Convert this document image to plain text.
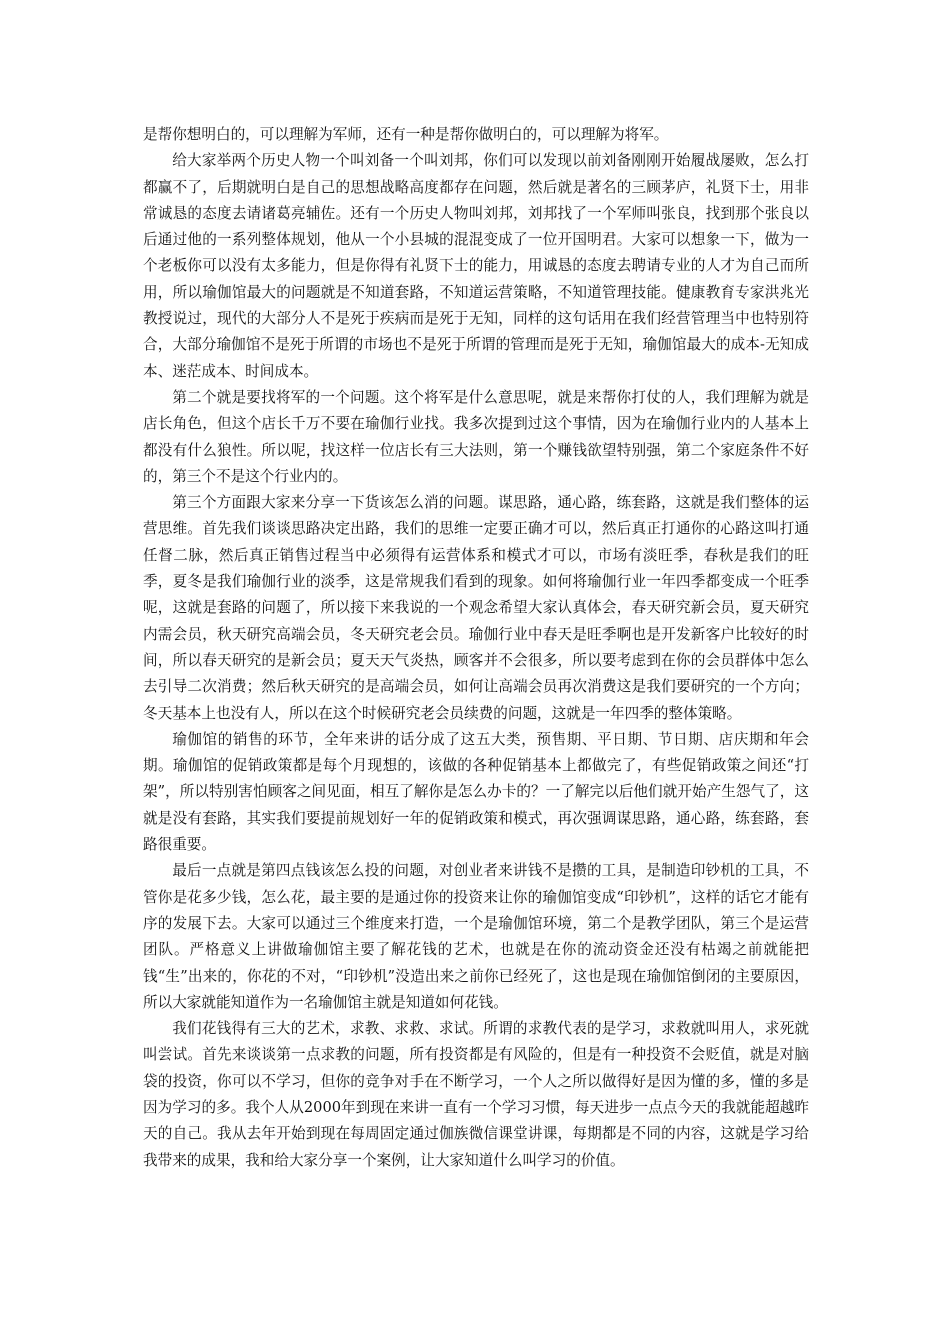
是帮你想明白的，可以理解为军师，还有一种是帮你做明白的，可以理解为将军。

给大家举两个历史人物一个叫刘备一个叫刘邦，你们可以发现以前刘备刚刚开始履战屡败，怎么打都赢不了，后期就明白是自己的思想战略高度都存在问题，然后就是著名的三顾茅庐，礼贤下士，用非常诚恳的态度去请诸葛亮辅佐。还有一个历史人物叫刘邦，刘邦找了一个军师叫张良，找到那个张良以后通过他的一系列整体规划，他从一个小县城的混混变成了一位开国明君。大家可以想象一下，做为一个老板你可以没有太多能力，但是你得有礼贤下士的能力，用诚恳的态度去聘请专业的人才为自己而所用，所以瑜伽馆最大的问题就是不知道套路，不知道运营策略，不知道管理技能。健康教育专家洪兆光教授说过，现代的大部分人不是死于疾病而是死于无知，同样的这句话用在我们经营管理当中也特别符合，大部分瑜伽馆不是死于所谓的市场也不是死于所谓的管理而是死于无知，瑜伽馆最大的成本-无知成本、迷茫成本、时间成本。

第二个就是要找将军的一个问题。这个将军是什么意思呢，就是来帮你打仗的人，我们理解为就是店长角色，但这个店长千万不要在瑜伽行业找。我多次提到过这个事情，因为在瑜伽行业内的人基本上都没有什么狼性。所以呢，找这样一位店长有三大法则，第一个赚钱欲望特别强，第二个家庭条件不好的，第三个不是这个行业内的。

第三个方面跟大家来分享一下货该怎么消的问题。谋思路，通心路，练套路，这就是我们整体的运营思维。首先我们谈谈思路决定出路，我们的思维一定要正确才可以，然后真正打通你的心路这叫打通任督二脉，然后真正销售过程当中必须得有运营体系和模式才可以，市场有淡旺季，春秋是我们的旺季，夏冬是我们瑜伽行业的淡季，这是常规我们看到的现象。如何将瑜伽行业一年四季都变成一个旺季呢，这就是套路的问题了，所以接下来我说的一个观念希望大家认真体会，春天研究新会员，夏天研究内需会员，秋天研究高端会员，冬天研究老会员。瑜伽行业中春天是旺季啊也是开发新客户比较好的时间，所以春天研究的是新会员；夏天天气炎热，顾客并不会很多，所以要考虑到在你的会员群体中怎么去引导二次消费；然后秋天研究的是高端会员，如何让高端会员再次消费这是我们要研究的一个方向；冬天基本上也没有人，所以在这个时候研究老会员续费的问题，这就是一年四季的整体策略。

瑜伽馆的销售的环节，全年来讲的话分成了这五大类，预售期、平日期、节日期、店庆期和年会期。瑜伽馆的促销政策都是每个月现想的，该做的各种促销基本上都做完了，有些促销政策之间还“打架”，所以特别害怕顾客之间见面，相互了解你是怎么办卡的？一了解完以后他们就开始产生怨气了，这就是没有套路，其实我们要提前规划好一年的促销政策和模式，再次强调谋思路，通心路，练套路，套路很重要。

最后一点就是第四点钱该怎么投的问题，对创业者来讲钱不是攒的工具，是制造印钞机的工具，不管你是花多少钱，怎么花，最主要的是通过你的投资来让你的瑜伽馆变成“印钞机”，这样的话它才能有序的发展下去。大家可以通过三个维度来打造，一个是瑜伽馆环境，第二个是教学团队，第三个是运营团队。严格意义上讲做瑜伽馆主要了解花钱的艺术，也就是在你的流动资金还没有枯竭之前就能把钱“生”出来的，你花的不对，“印钞机”没造出来之前你已经死了，这也是现在瑜伽馆倒闭的主要原因，所以大家就能知道作为一名瑜伽馆主就是知道如何花钱。

我们花钱得有三大的艺术，求教、求救、求试。所谓的求教代表的是学习，求救就叫用人，求死就叫尝试。首先来谈谈第一点求教的问题，所有投资都是有风险的，但是有一种投资不会贬值，就是对脑袋的投资，你可以不学习，但你的竞争对手在不断学习，一个人之所以做得好是因为懂的多，懂的多是因为学习的多。我个人从2000年到现在来讲一直有一个学习习惯，每天进步一点点今天的我就能超越昨天的自己。我从去年开始到现在每周固定通过伽族微信课堂讲课，每期都是不同的内容，这就是学习给我带来的成果，我和给大家分享一个案例，让大家知道什么叫学习的价值。
